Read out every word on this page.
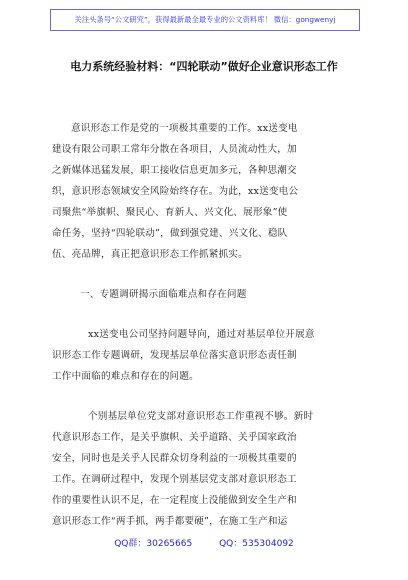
关注头条号“公文研究”，获得最新最全最专业的公文资料库！ 微信：gongwenyj
电力系统经验材料：“四轮联动”做好企业意识形态工作
意识形态工作是党的一项极其重要的工作。xx送变电
建设有限公司职工常年分散在各项目，人员流动性大，加
之新媒体迅猛发展，职工接收信息更加多元，各种思潮交
织，意识形态领域安全风险始终存在。为此，xx送变电公
司聚焦“举旗帜、聚民心、育新人、兴文化、展形象”使
命任务，坚持“四轮联动”，做到强党建、兴文化、稳队
伍、亮品牌，真正把意识形态工作抓紧抓实。
一、专题调研揭示面临难点和存在问题
xx送变电公司坚持问题导向，通过对基层单位开展意
识形态工作专题调研，发现基层单位落实意识形态责任制
工作中面临的难点和存在的问题。
个别基层单位党支部对意识形态工作重视不够。新时
代意识形态工作，是关乎旗帜、关乎道路、关乎国家政治
安全，同时也是关乎人民群众切身利益的一项极其重要的
工作。在调研过程中，发现个别基层党支部对意识形态工
作的重要性认识不足，在一定程度上没能做到安全生产和
意识形态工作“两手抓，两手都要硬”，在施工生产和运
QQ群：30265665	QQ：535304092
